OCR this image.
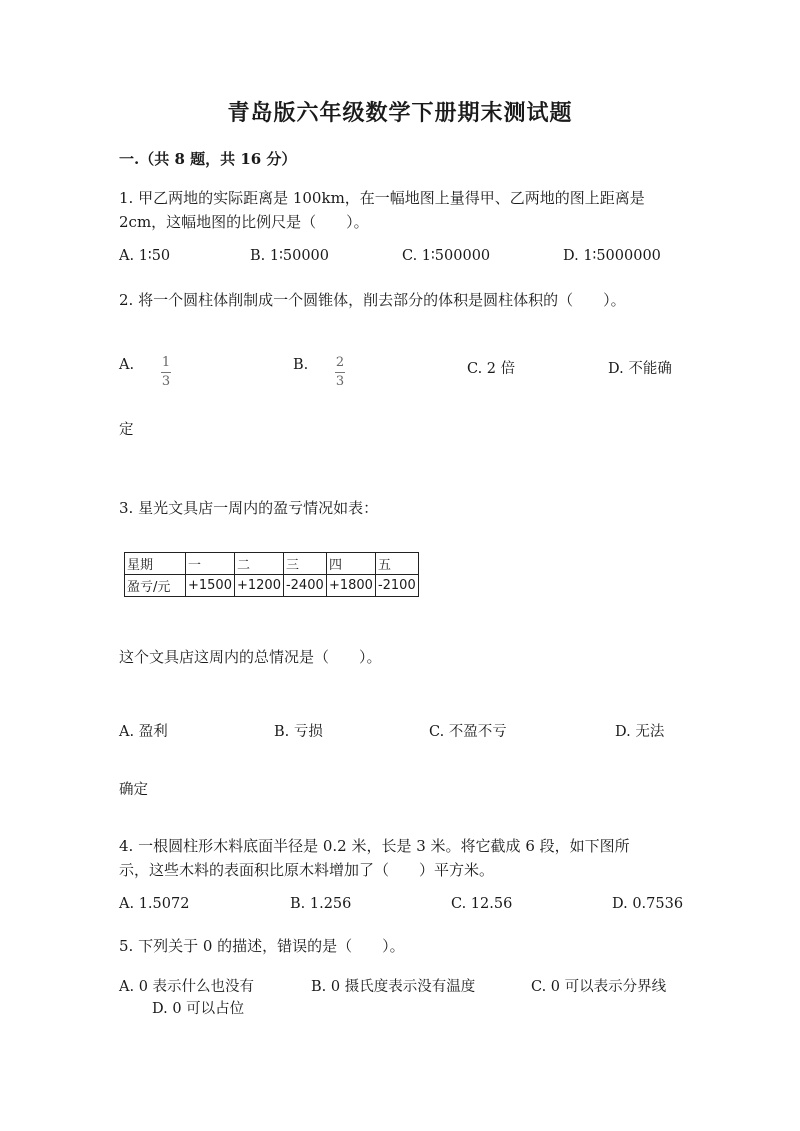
青岛版六年级数学下册期末测试题
一.（共 8 题，共 16 分）
1. 甲乙两地的实际距离是 100km，在一幅地图上量得甲、乙两地的图上距离是
2cm，这幅地图的比例尺是（　　）。
A. 1∶50	B. 1∶50000	C. 1∶500000	D. 1∶5000000
2. 将一个圆柱体削制成一个圆锥体，削去部分的体积是圆柱体积的（　　）。
A. $\frac{1}{3}$	B. $\frac{2}{3}$	C. 2 倍	D. 不能确
定
3. 星光文具店一周内的盈亏情况如表：
星期	一	二	三	四	五
盈亏/元	+1500	+1200	-2400	+1800	-2100
这个文具店这周内的总情况是（　　）。
A. 盈利	B. 亏损	C. 不盈不亏	D. 无法
确定
4. 一根圆柱形木料底面半径是 0.2 米，长是 3 米。将它截成 6 段，如下图所
示，这些木料的表面积比原木料增加了（　　）平方米。
A. 1.5072	B. 1.256	C. 12.56	D. 0.7536
5. 下列关于 0 的描述，错误的是（　　）。
A. 0 表示什么也没有	B. 0 摄氏度表示没有温度	C. 0 可以表示分界线
D. 0 可以占位
